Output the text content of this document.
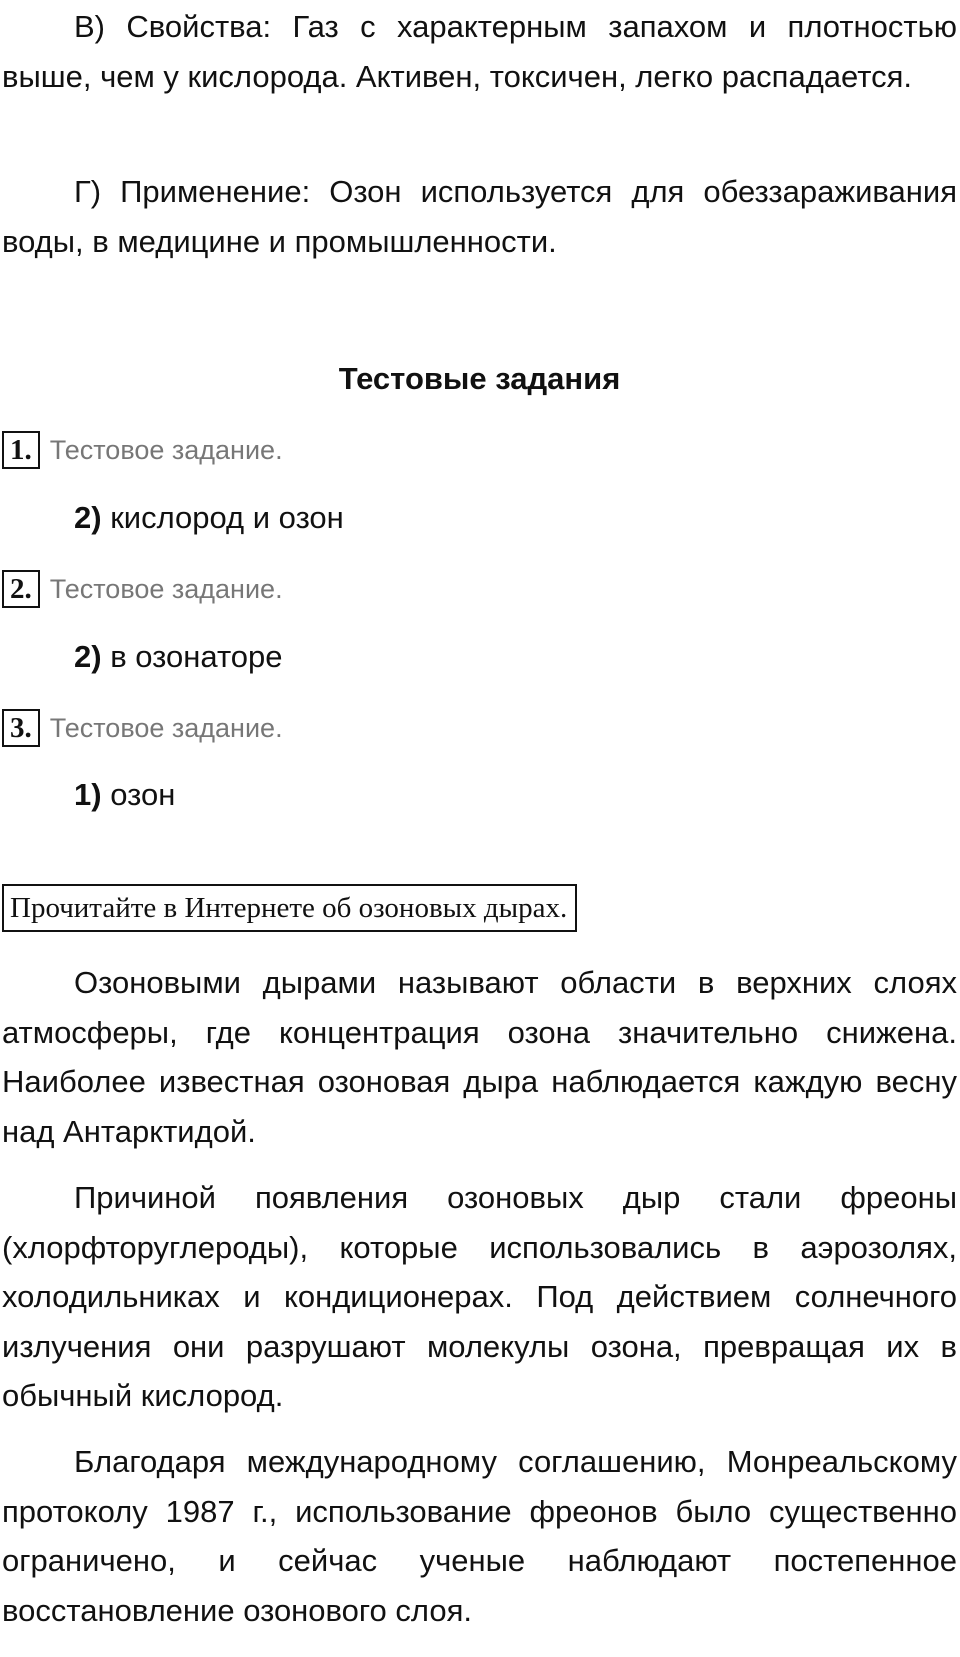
В) Свойства: Газ с характерным запахом и плотностью выше, чем у кислорода. Активен, токсичен, легко распадается.

Г) Применение: Озон используется для обеззараживания воды, в медицине и промышленности.

Тестовые задания
1. Тестовое задание.

2) кислород и озон

2. Тестовое задание.

2) в озонаторе

3. Тестовое задание.

1) озон

Прочитайте в Интернете об озоновых дырах.

Озоновыми дырами называют области в верхних слоях атмосферы, где концентрация озона значительно снижена. Наиболее известная озоновая дыра наблюдается каждую весну над Антарктидой.

Причиной появления озоновых дыр стали фреоны (хлорфторуглероды), которые использовались в аэрозолях, холодильниках и кондиционерах. Под действием солнечного излучения они разрушают молекулы озона, превращая их в обычный кислород.

Благодаря международному соглашению, Монреальскому протоколу 1987 г., использование фреонов было существенно ограничено, и сейчас ученые наблюдают постепенное восстановление озонового слоя.
